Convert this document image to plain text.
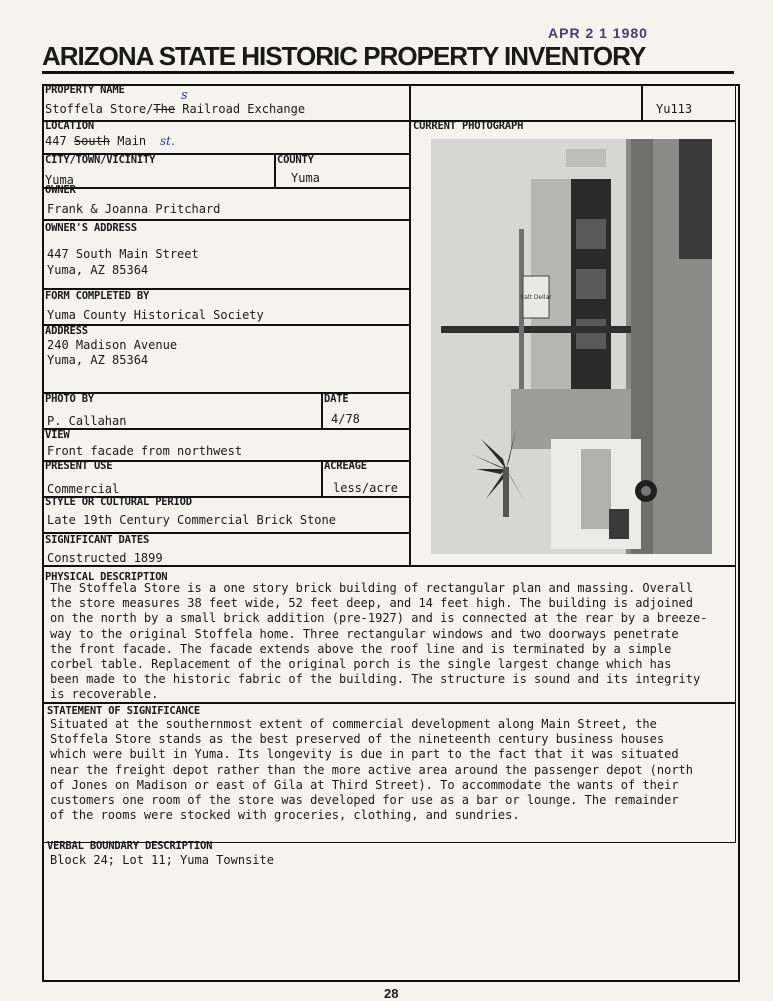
APR 2 1 1980
ARIZONA STATE HISTORIC PROPERTY INVENTORY
PROPERTY NAME
Stoffela Store/The Railroad Exchange
s
Yu113
LOCATION
447 South Main st.
CITY/TOWN/VICINITY
Yuma
COUNTY
Yuma
OWNER
Frank & Joanna Pritchard
OWNER'S ADDRESS
447 South Main Street
Yuma, AZ 85364
FORM COMPLETED BY
Yuma County Historical Society
ADDRESS
240 Madison Avenue
Yuma, AZ 85364
PHOTO BY
P. Callahan
DATE
4/78
VIEW
Front facade from northwest
PRESENT USE
Commercial
ACREAGE
less/acre
STYLE OR CULTURAL PERIOD
Late 19th Century Commercial Brick Stone
SIGNIFICANT DATES
Constructed 1899
CURRENT PHOTOGRAPH
Salt Dellar
PHYSICAL DESCRIPTION
The Stoffela Store is a one story brick building of rectangular plan and massing. Overall
the store measures 38 feet wide, 52 feet deep, and 14 feet high. The building is adjoined
on the north by a small brick addition (pre-1927) and is connected at the rear by a breeze-
way to the original Stoffela home. Three rectangular windows and two doorways penetrate
the front facade. The facade extends above the roof line and is terminated by a simple
corbel table. Replacement of the original porch is the single largest change which has
been made to the historic fabric of the building. The structure is sound and its integrity
is recoverable.
STATEMENT OF SIGNIFICANCE
Situated at the southernmost extent of commercial development along Main Street, the
Stoffela Store stands as the best preserved of the nineteenth century business houses
which were built in Yuma. Its longevity is due in part to the fact that it was situated
near the freight depot rather than the more active area around the passenger depot (north
of Jones on Madison or east of Gila at Third Street). To accommodate the wants of their
customers one room of the store was developed for use as a bar or lounge. The remainder
of the rooms were stocked with groceries, clothing, and sundries.
VERBAL BOUNDARY DESCRIPTION
Block 24; Lot 11; Yuma Townsite
28
